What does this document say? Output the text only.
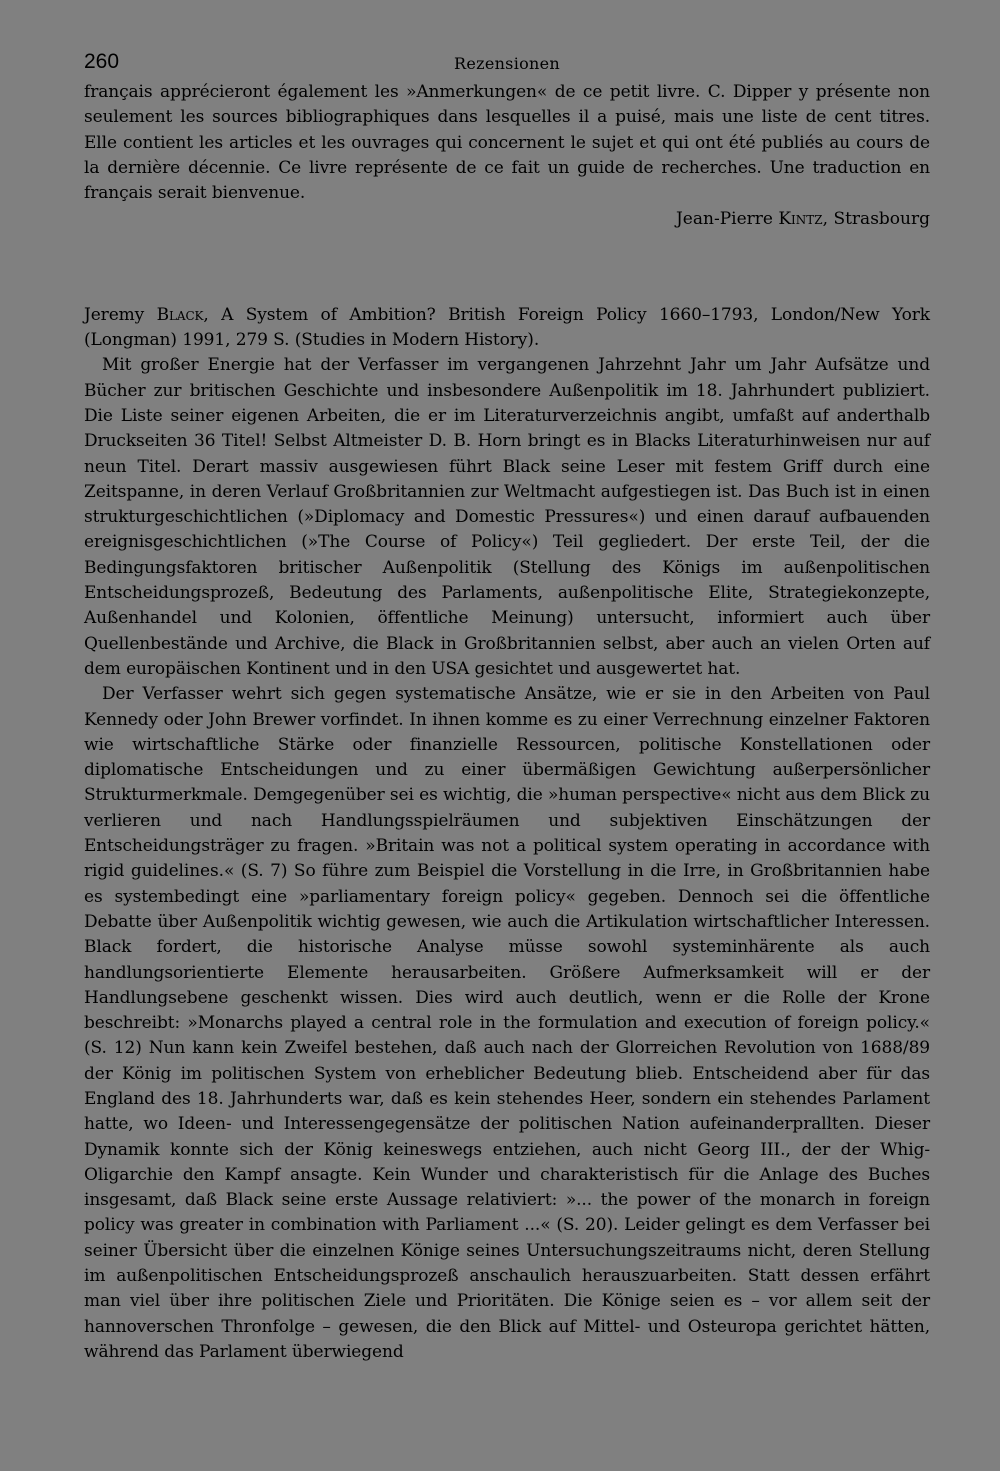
260	Rezensionen

français apprécieront également les »Anmerkungen« de ce petit livre. C. Dipper y présente non seulement les sources bibliographiques dans lesquelles il a puisé, mais une liste de cent titres. Elle contient les articles et les ouvrages qui concernent le sujet et qui ont été publiés au cours de la dernière décennie. Ce livre représente de ce fait un guide de recherches. Une traduction en français serait bienvenue.

Jean-Pierre Kintz, Strasbourg

Jeremy Black, A System of Ambition? British Foreign Policy 1660–1793, London/New York (Longman) 1991, 279 S. (Studies in Modern History).

Mit großer Energie hat der Verfasser im vergangenen Jahrzehnt Jahr um Jahr Aufsätze und Bücher zur britischen Geschichte und insbesondere Außenpolitik im 18. Jahrhundert publiziert. Die Liste seiner eigenen Arbeiten, die er im Literaturverzeichnis angibt, umfaßt auf anderthalb Druckseiten 36 Titel! Selbst Altmeister D. B. Horn bringt es in Blacks Literaturhinweisen nur auf neun Titel. Derart massiv ausgewiesen führt Black seine Leser mit festem Griff durch eine Zeitspanne, in deren Verlauf Großbritannien zur Weltmacht aufgestiegen ist. Das Buch ist in einen strukturgeschichtlichen (»Diplomacy and Domestic Pressures«) und einen darauf aufbauenden ereignisgeschichtlichen (»The Course of Policy«) Teil gegliedert. Der erste Teil, der die Bedingungsfaktoren britischer Außenpolitik (Stellung des Königs im außenpolitischen Entscheidungsprozeß, Bedeutung des Parlaments, außenpolitische Elite, Strategiekonzepte, Außenhandel und Kolonien, öffentliche Meinung) untersucht, informiert auch über Quellenbestände und Archive, die Black in Großbritannien selbst, aber auch an vielen Orten auf dem europäischen Kontinent und in den USA gesichtet und ausgewertet hat.

Der Verfasser wehrt sich gegen systematische Ansätze, wie er sie in den Arbeiten von Paul Kennedy oder John Brewer vorfindet. In ihnen komme es zu einer Verrechnung einzelner Faktoren wie wirtschaftliche Stärke oder finanzielle Ressourcen, politische Konstellationen oder diplomatische Entscheidungen und zu einer übermäßigen Gewichtung außerpersönlicher Strukturmerkmale. Demgegenüber sei es wichtig, die »human perspective« nicht aus dem Blick zu verlieren und nach Handlungsspielräumen und subjektiven Einschätzungen der Entscheidungsträger zu fragen. »Britain was not a political system operating in accordance with rigid guidelines.« (S. 7) So führe zum Beispiel die Vorstellung in die Irre, in Großbritannien habe es systembedingt eine »parliamentary foreign policy« gegeben. Dennoch sei die öffentliche Debatte über Außenpolitik wichtig gewesen, wie auch die Artikulation wirtschaftlicher Interessen. Black fordert, die historische Analyse müsse sowohl systeminhärente als auch handlungsorientierte Elemente herausarbeiten. Größere Aufmerksamkeit will er der Handlungsebene geschenkt wissen. Dies wird auch deutlich, wenn er die Rolle der Krone beschreibt: »Monarchs played a central role in the formulation and execution of foreign policy.« (S. 12) Nun kann kein Zweifel bestehen, daß auch nach der Glorreichen Revolution von 1688/89 der König im politischen System von erheblicher Bedeutung blieb. Entscheidend aber für das England des 18. Jahrhunderts war, daß es kein stehendes Heer, sondern ein stehendes Parlament hatte, wo Ideen- und Interessengegensätze der politischen Nation aufeinanderprallten. Dieser Dynamik konnte sich der König keineswegs entziehen, auch nicht Georg III., der der Whig-Oligarchie den Kampf ansagte. Kein Wunder und charakteristisch für die Anlage des Buches insgesamt, daß Black seine erste Aussage relativiert: »... the power of the monarch in foreign policy was greater in combination with Parliament ...« (S. 20). Leider gelingt es dem Verfasser bei seiner Übersicht über die einzelnen Könige seines Untersuchungszeitraums nicht, deren Stellung im außenpolitischen Entscheidungsprozeß anschaulich herauszuarbeiten. Statt dessen erfährt man viel über ihre politischen Ziele und Prioritäten. Die Könige seien es – vor allem seit der hannoverschen Thronfolge – gewesen, die den Blick auf Mittel- und Osteuropa gerichtet hätten, während das Parlament überwiegend
